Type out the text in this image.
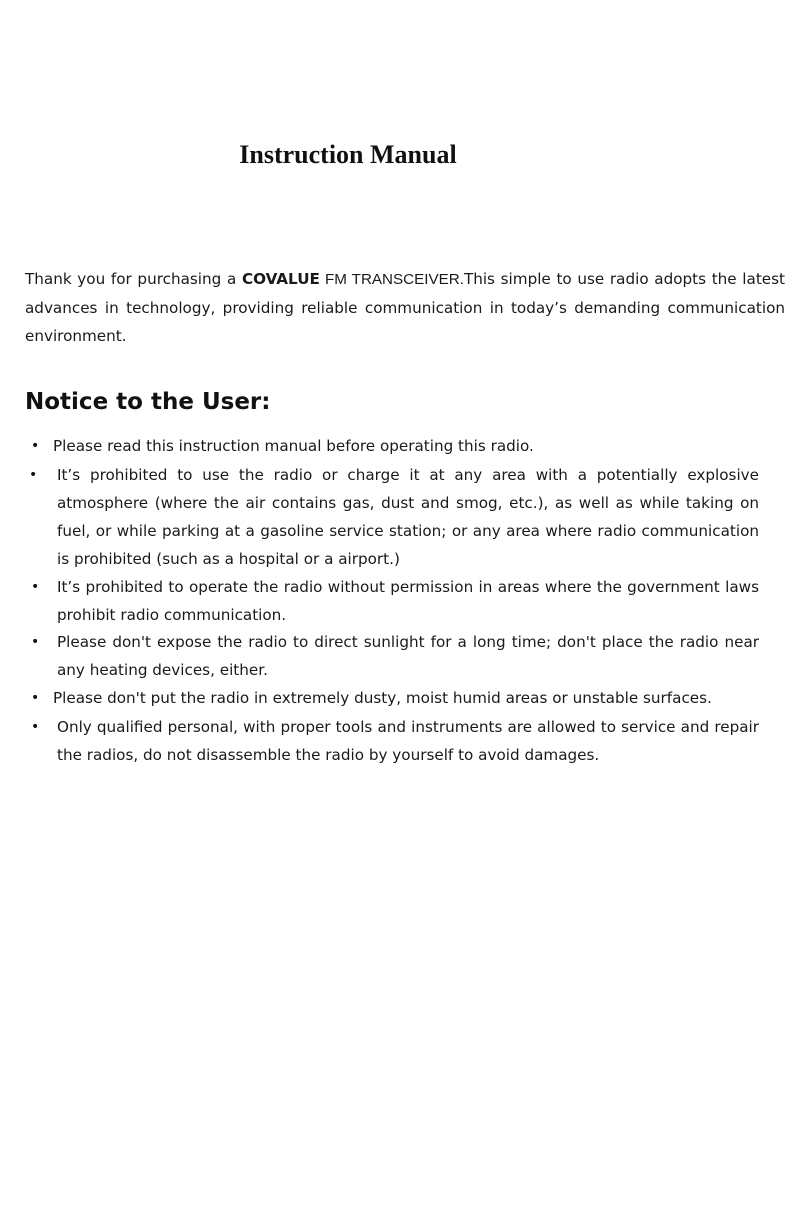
Instruction Manual

Thank you for purchasing a COVALUE FM TRANSCEIVER.This simple to use radio adopts the latest advances in technology, providing reliable communication in today’s demanding communication environment.

Notice to the User:
• Please read this instruction manual before operating this radio.
• It’s prohibited to use the radio or charge it at any area with a potentially explosive atmosphere (where the air contains gas, dust and smog, etc.), as well as while taking on fuel, or while parking at a gasoline service station; or any area where radio communication is prohibited (such as a hospital or a airport.)
• It’s prohibited to operate the radio without permission in areas where the government laws prohibit radio communication.
• Please don't expose the radio to direct sunlight for a long time; don't place the radio near any heating devices, either.
• Please don't put the radio in extremely dusty, moist humid areas or unstable surfaces.
• Only qualified personal, with proper tools and instruments are allowed to service and repair the radios, do not disassemble the radio by yourself to avoid damages.
